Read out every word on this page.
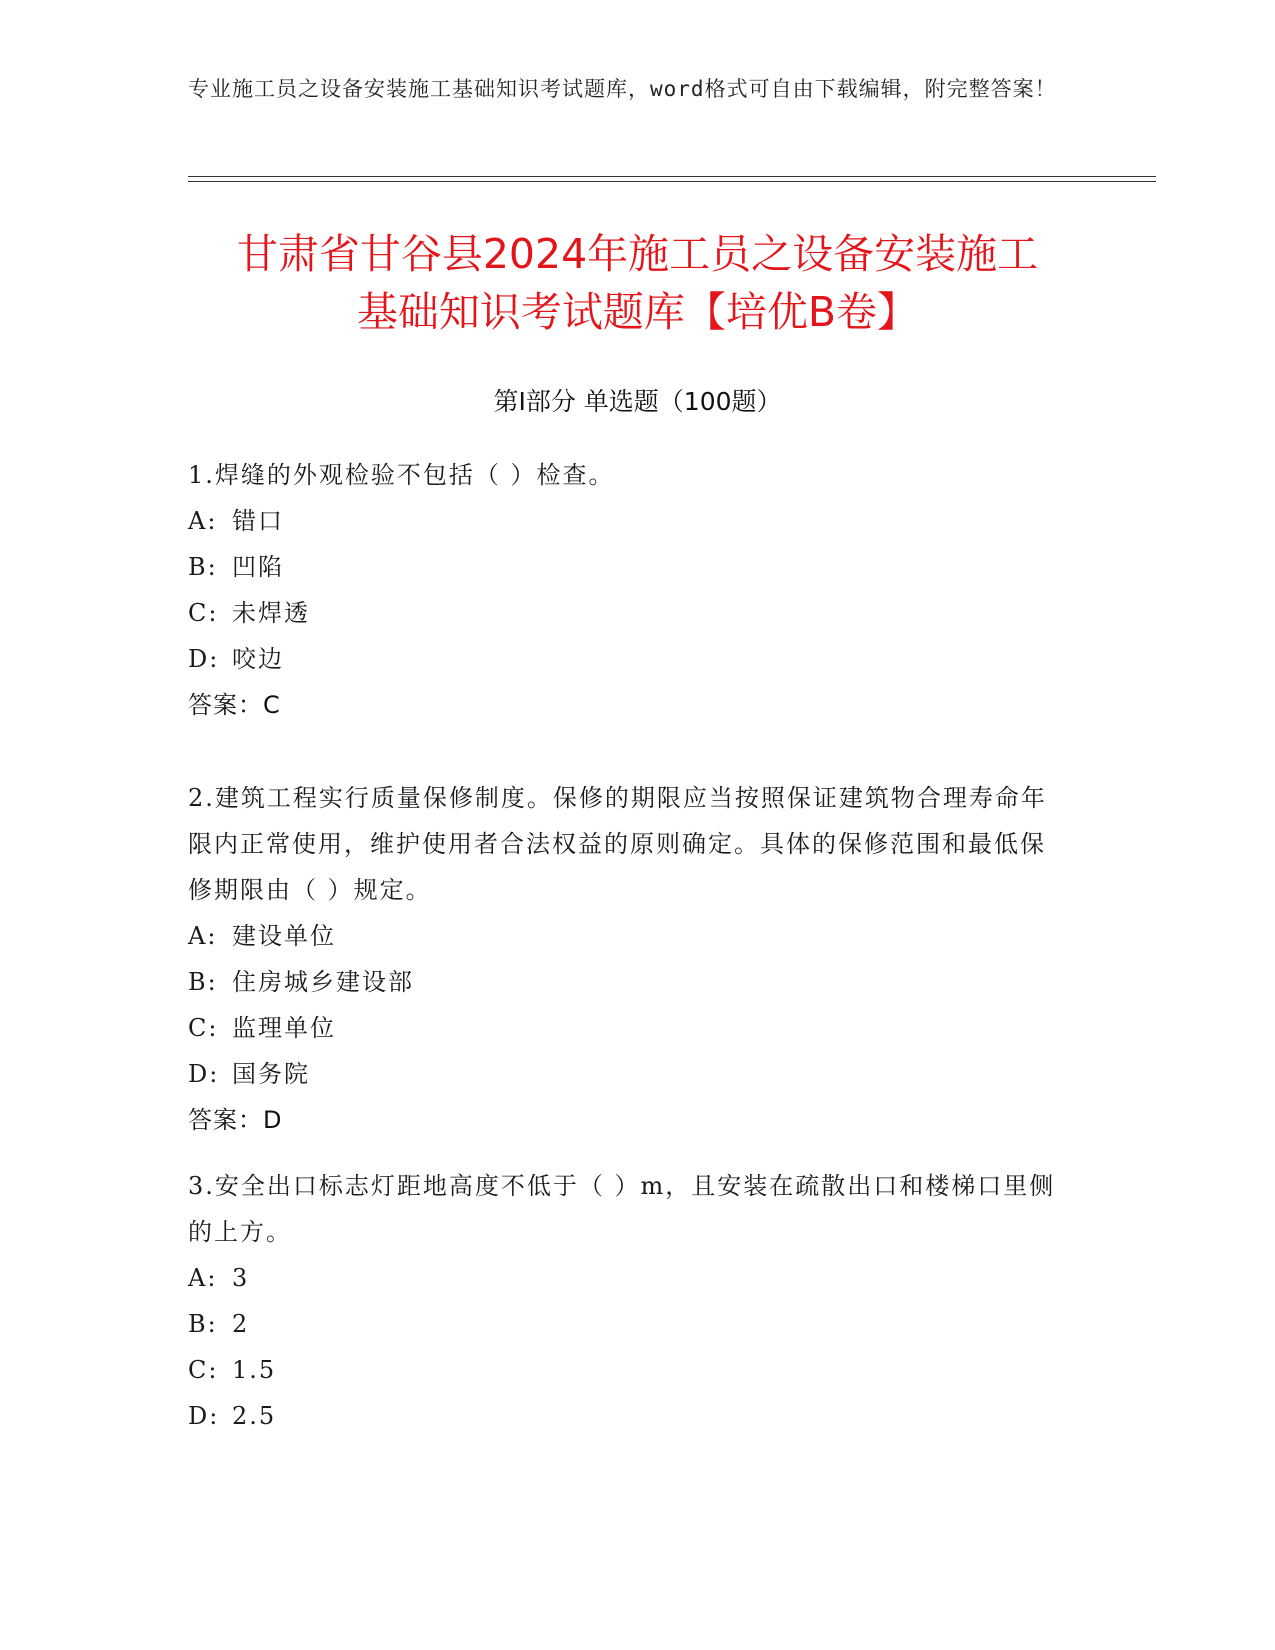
专业施工员之设备安装施工基础知识考试题库，word格式可自由下载编辑，附完整答案！
甘肃省甘谷县2024年施工员之设备安装施工
基础知识考试题库【培优B卷】
第Ⅰ部分 单选题（100题）
1.焊缝的外观检验不包括（ ）检查。
A: 错口
B: 凹陷
C: 未焊透
D: 咬边
答案：C
2.建筑工程实行质量保修制度。保修的期限应当按照保证建筑物合理寿命年限内正常使用，维护使用者合法权益的原则确定。具体的保修范围和最低保修期限由（ ）规定。
A: 建设单位
B: 住房城乡建设部
C: 监理单位
D: 国务院
答案：D
3.安全出口标志灯距地高度不低于（ ）m，且安装在疏散出口和楼梯口里侧的上方。
A: 3
B: 2
C: 1.5
D: 2.5
